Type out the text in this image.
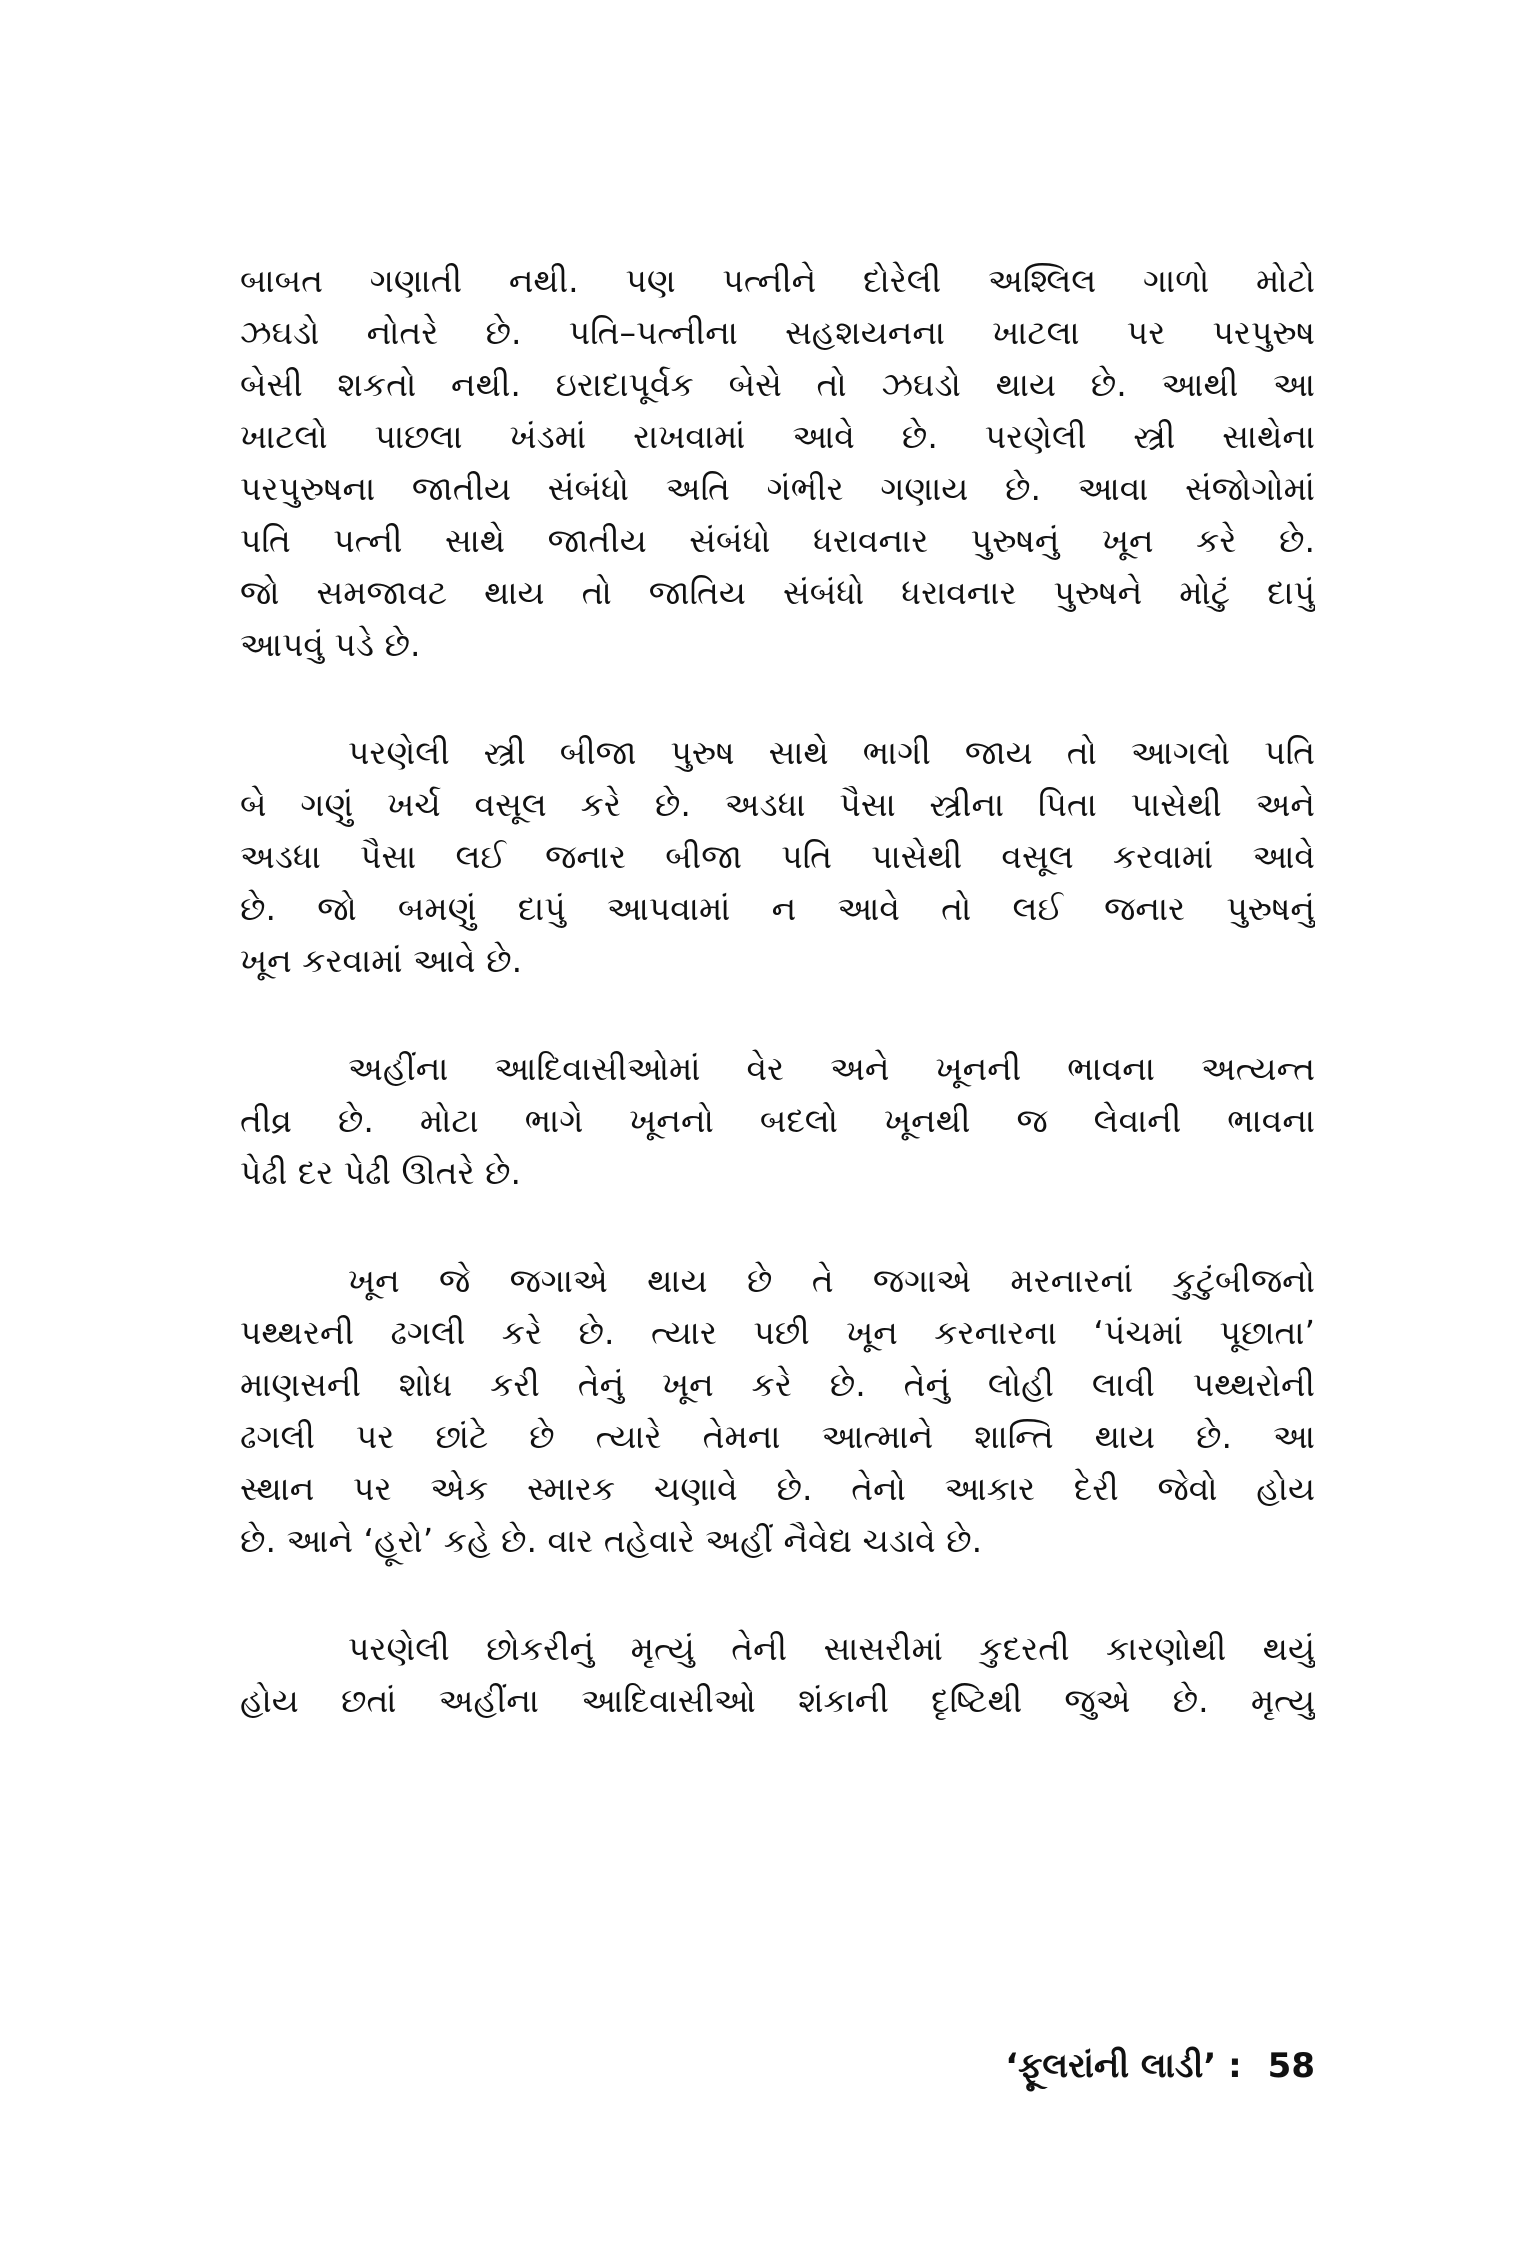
બાબત ગણાતી નથી. પણ પત્નીને દોરેલી અશ્લિલ ગાળો મોટો
ઝઘડો નોતરે છે. પતિ–પત્નીના સહશયનના ખાટલા પર પરપુરુષ
બેસી શકતો નથી. ઇરાદાપૂર્વક બેસે તો ઝઘડો થાય છે. આથી આ
ખાટલો પાછલા ખંડમાં રાખવામાં આવે છે. પરણેલી સ્ત્રી સાથેના
પરપુરુષના જાતીય સંબંધો અતિ ગંભીર ગણાય છે. આવા સંજોગોમાં
પતિ પત્ની સાથે જાતીય સંબંધો ધરાવનાર પુરુષનું ખૂન કરે છે.
જો સમજાવટ થાય તો જાતિય સંબંધો ધરાવનાર પુરુષને મોટું દાપું
આપવું પડે છે.
પરણેલી સ્ત્રી બીજા પુરુષ સાથે ભાગી જાય તો આગલો પતિ
બે ગણું ખર્ચ વસૂલ કરે છે. અડધા પૈસા સ્ત્રીના પિતા પાસેથી અને
અડધા પૈસા લઈ જનાર બીજા પતિ પાસેથી વસૂલ કરવામાં આવે
છે. જો બમણું દાપું આપવામાં ન આવે તો લઈ જનાર પુરુષનું
ખૂન કરવામાં આવે છે.
અહીંના આદિવાસીઓમાં વેર અને ખૂનની ભાવના અત્યન્ત
તીવ્ર છે. મોટા ભાગે ખૂનનો બદલો ખૂનથી જ લેવાની ભાવના
પેઢી દર પેઢી ઊતરે છે.
ખૂન જે જગાએ થાય છે તે જગાએ મરનારનાં કુટુંબીજનો
પથ્થરની ઢગલી કરે છે. ત્યાર પછી ખૂન કરનારના ‘પંચમાં પૂછાતા’
માણસની શોધ કરી તેનું ખૂન કરે છે. તેનું લોહી લાવી પથ્થરોની
ઢગલી પર છાંટે છે ત્યારે તેમના આત્માને શાન્તિ થાય છે. આ
સ્થાન પર એક સ્મારક ચણાવે છે. તેનો આકાર દેરી જેવો હોય
છે. આને ‘હૂરો’ કહે છે. વાર તહેવારે અહીં નૈવેદ્ય ચડાવે છે.
પરણેલી છોકરીનું મૃત્યું તેની સાસરીમાં કુદરતી કારણોથી થયું
હોય છતાં અહીંના આદિવાસીઓ શંકાની દૃષ્ટિથી જુએ છે. મૃત્યુ
‘ફૂલરાંની લાડી’ : 58
